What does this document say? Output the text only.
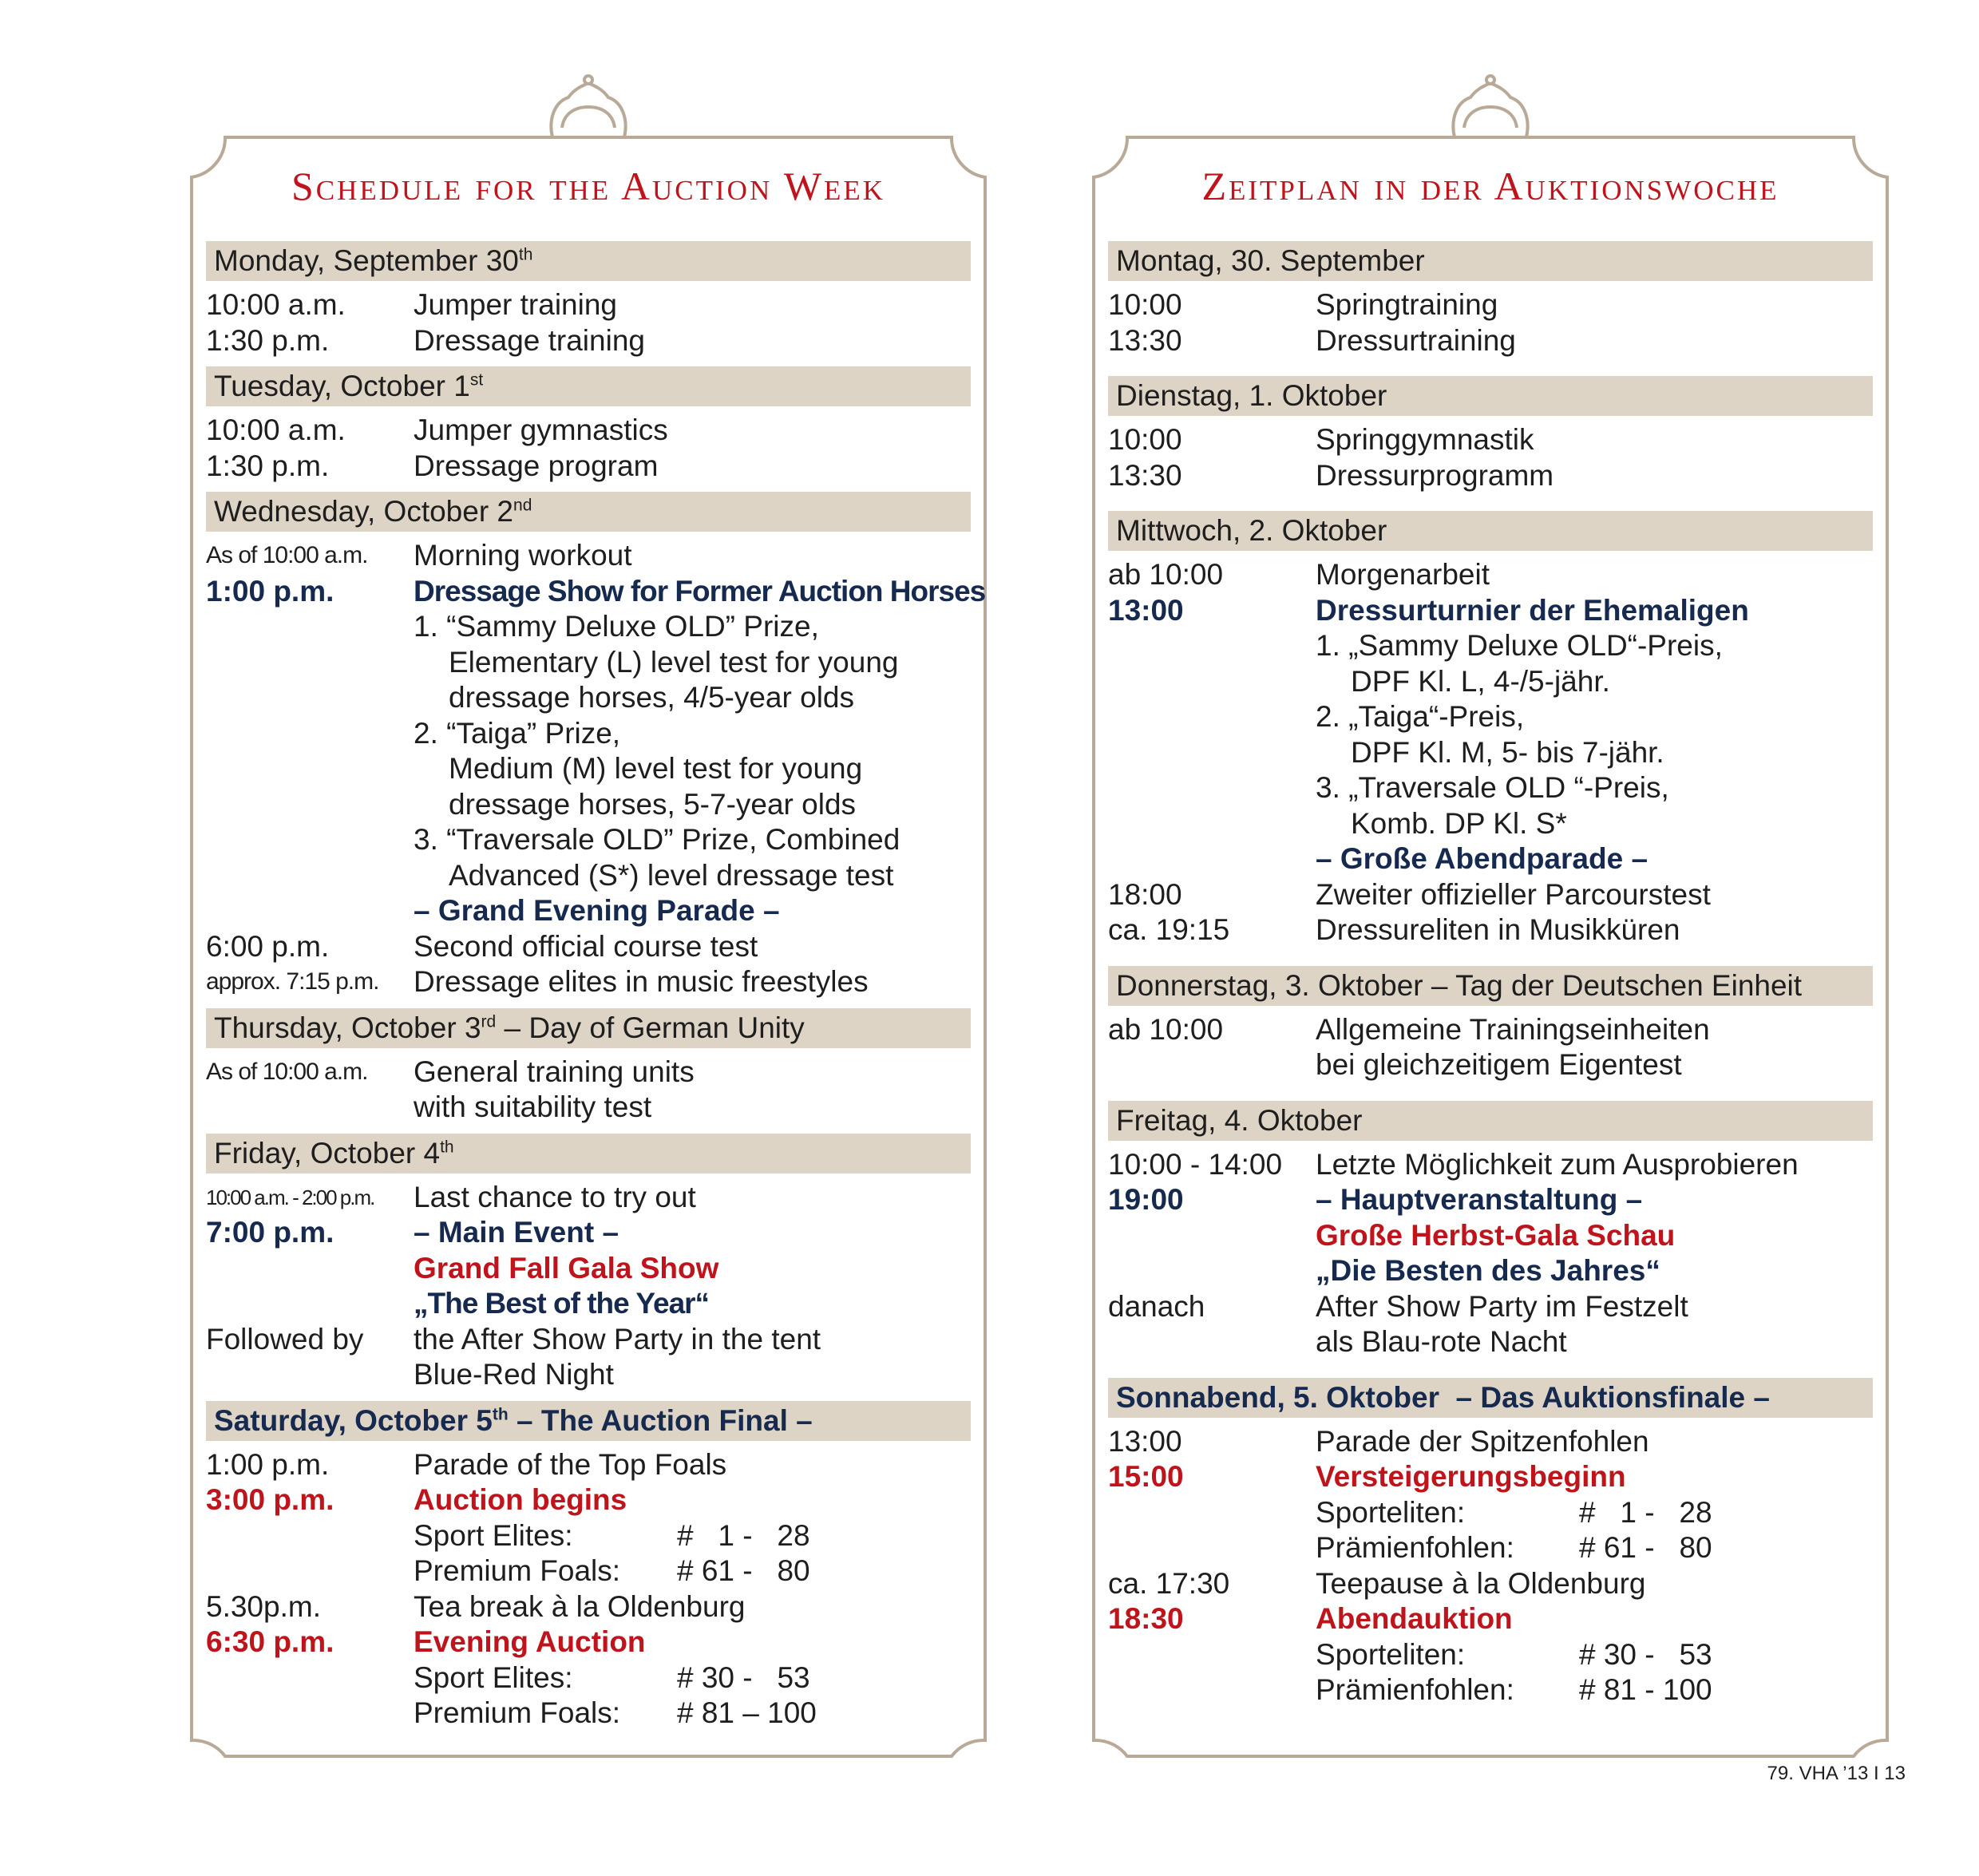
Schedule for the Auction Week
Monday, September 30th
10:00 a.m. Jumper training
1:30 p.m.	Dressage training
Tuesday, October 1st
10:00 a.m. Jumper gymnastics
1:30 p.m.	Dressage program
Wednesday, October 2nd
As of 10:00 a.m. Morning workout
1:00 p.m.	Dressage Show for Former Auction Horses
1. “Sammy Deluxe OLD” Prize,
Elementary (L) level test for young
dressage horses, 4/5-year olds
2. “Taiga” Prize,
Medium (M) level test for young
dressage horses, 5-7-year olds
3. “Traversale OLD” Prize, Combined
Advanced (S*) level dressage test
– Grand Evening Parade –
6:00 p.m.	Second official course test
approx. 7:15 p.m. Dressage elites in music freestyles
Thursday, October 3rd – Day of German Unity
As of 10:00 a.m. General training units
with suitability test
Friday, October 4th
10:00 a.m. - 2:00 p.m. Last chance to try out
7:00 p.m.	– Main Event –
Grand Fall Gala Show
„The Best of the Year“
Followed by the After Show Party in the tent
Blue-Red Night
Saturday, October 5th – The Auction Final –
1:00 p.m.	Parade of the Top Foals
3:00 p.m.	Auction begins
Sport Elites:	#   1 -   28
Premium Foals: # 61 -   80
5.30p.m.	Tea break à la Oldenburg
6:30 p.m.	Evening Auction
Sport Elites:	# 30 -   53
Premium Foals: # 81 – 100
Zeitplan in der Auktionswoche
Montag, 30. September
10:00	Springtraining
13:30	Dressurtraining
Dienstag, 1. Oktober
10:00	Springgymnastik
13:30	Dressurprogramm
Mittwoch, 2. Oktober
ab 10:00	Morgenarbeit
13:00	Dressurturnier der Ehemaligen
1. „Sammy Deluxe OLD“-Preis,
DPF Kl. L, 4-/5-jähr.
2. „Taiga“-Preis,
DPF Kl. M, 5- bis 7-jähr.
3. „Traversale OLD “-Preis,
Komb. DP Kl. S*
– Große Abendparade –
18:00	Zweiter offizieller Parcourstest
ca. 19:15	Dressureliten in Musikküren
Donnerstag, 3. Oktober – Tag der Deutschen Einheit
ab 10:00	Allgemeine Trainingseinheiten
bei gleichzeitigem Eigentest
Freitag, 4. Oktober
10:00 - 14:00 Letzte Möglichkeit zum Ausprobieren
19:00	– Hauptveranstaltung –
Große Herbst-Gala Schau
„Die Besten des Jahres“
danach	After Show Party im Festzelt
als Blau-rote Nacht
Sonnabend, 5. Oktober  – Das Auktionsfinale –
13:00	Parade der Spitzenfohlen
15:00	Versteigerungsbeginn
Sporteliten:	#   1 -   28
Prämienfohlen: # 61 -   80
ca. 17:30	Teepause à la Oldenburg
18:30	Abendauktion
Sporteliten:	# 30 -   53
Prämienfohlen: # 81 - 100
79. VHA ’13 I 13
